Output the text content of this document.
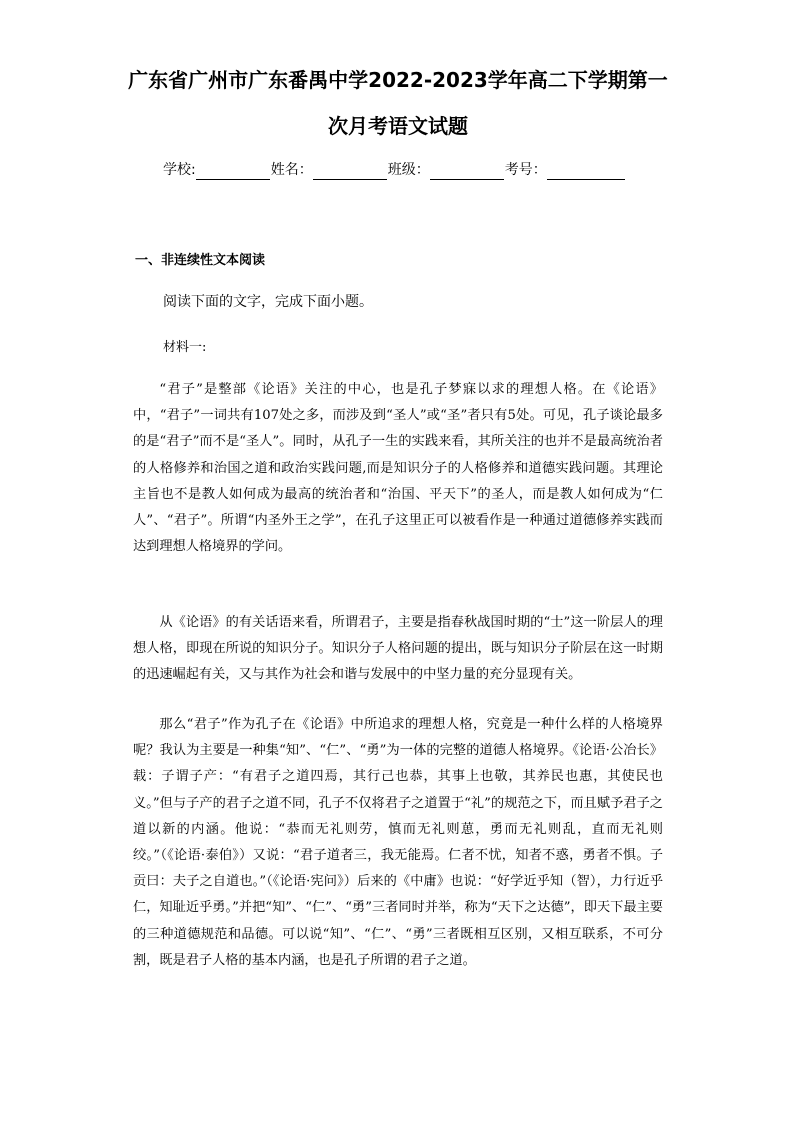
广东省广州市广东番禺中学2022-2023学年高二下学期第一
次月考语文试题
学校:	姓名：	班级：	考号：
一、非连续性文本阅读
阅读下面的文字，完成下面小题。
材料一:
“君子”是整部《论语》关注的中心，也是孔子梦寐以求的理想人格。在《论语》中，“君子”一词共有107处之多，而涉及到“圣人”或“圣”者只有5处。可见，孔子谈论最多的是“君子”而不是“圣人”。同时，从孔子一生的实践来看，其所关注的也并不是最高统治者的人格修养和治国之道和政治实践问题,而是知识分子的人格修养和道德实践问题。其理论主旨也不是教人如何成为最高的统治者和“治国、平天下”的圣人，而是教人如何成为“仁人”、“君子”。所谓“内圣外王之学”，在孔子这里正可以被看作是一种通过道德修养实践而达到理想人格境界的学问。
从《论语》的有关话语来看，所谓君子，主要是指春秋战国时期的“士”这一阶层人的理想人格，即现在所说的知识分子。知识分子人格问题的提出，既与知识分子阶层在这一时期的迅速崛起有关，又与其作为社会和谐与发展中的中坚力量的充分显现有关。
那么“君子”作为孔子在《论语》中所追求的理想人格，究竟是一种什么样的人格境界呢？我认为主要是一种集“知”、“仁”、“勇”为一体的完整的道德人格境界。《论语·公冶长》载：子谓子产：“有君子之道四焉，其行己也恭，其事上也敬，其养民也惠，其使民也义。”但与子产的君子之道不同，孔子不仅将君子之道置于“礼”的规范之下，而且赋予君子之道以新的内涵。他说：“恭而无礼则劳，慎而无礼则葸，勇而无礼则乱，直而无礼则绞。”（《论语·泰伯》）又说：“君子道者三，我无能焉。仁者不忧，知者不惑，勇者不惧。子贡曰：夫子之自道也。”（《论语·宪问》）后来的《中庸》也说：“好学近乎知（智），力行近乎仁，知耻近乎勇。”并把“知”、“仁”、“勇”三者同时并举，称为“天下之达德”，即天下最主要的三种道德规范和品德。可以说“知”、“仁”、“勇”三者既相互区别，又相互联系，不可分割，既是君子人格的基本内涵，也是孔子所谓的君子之道。
